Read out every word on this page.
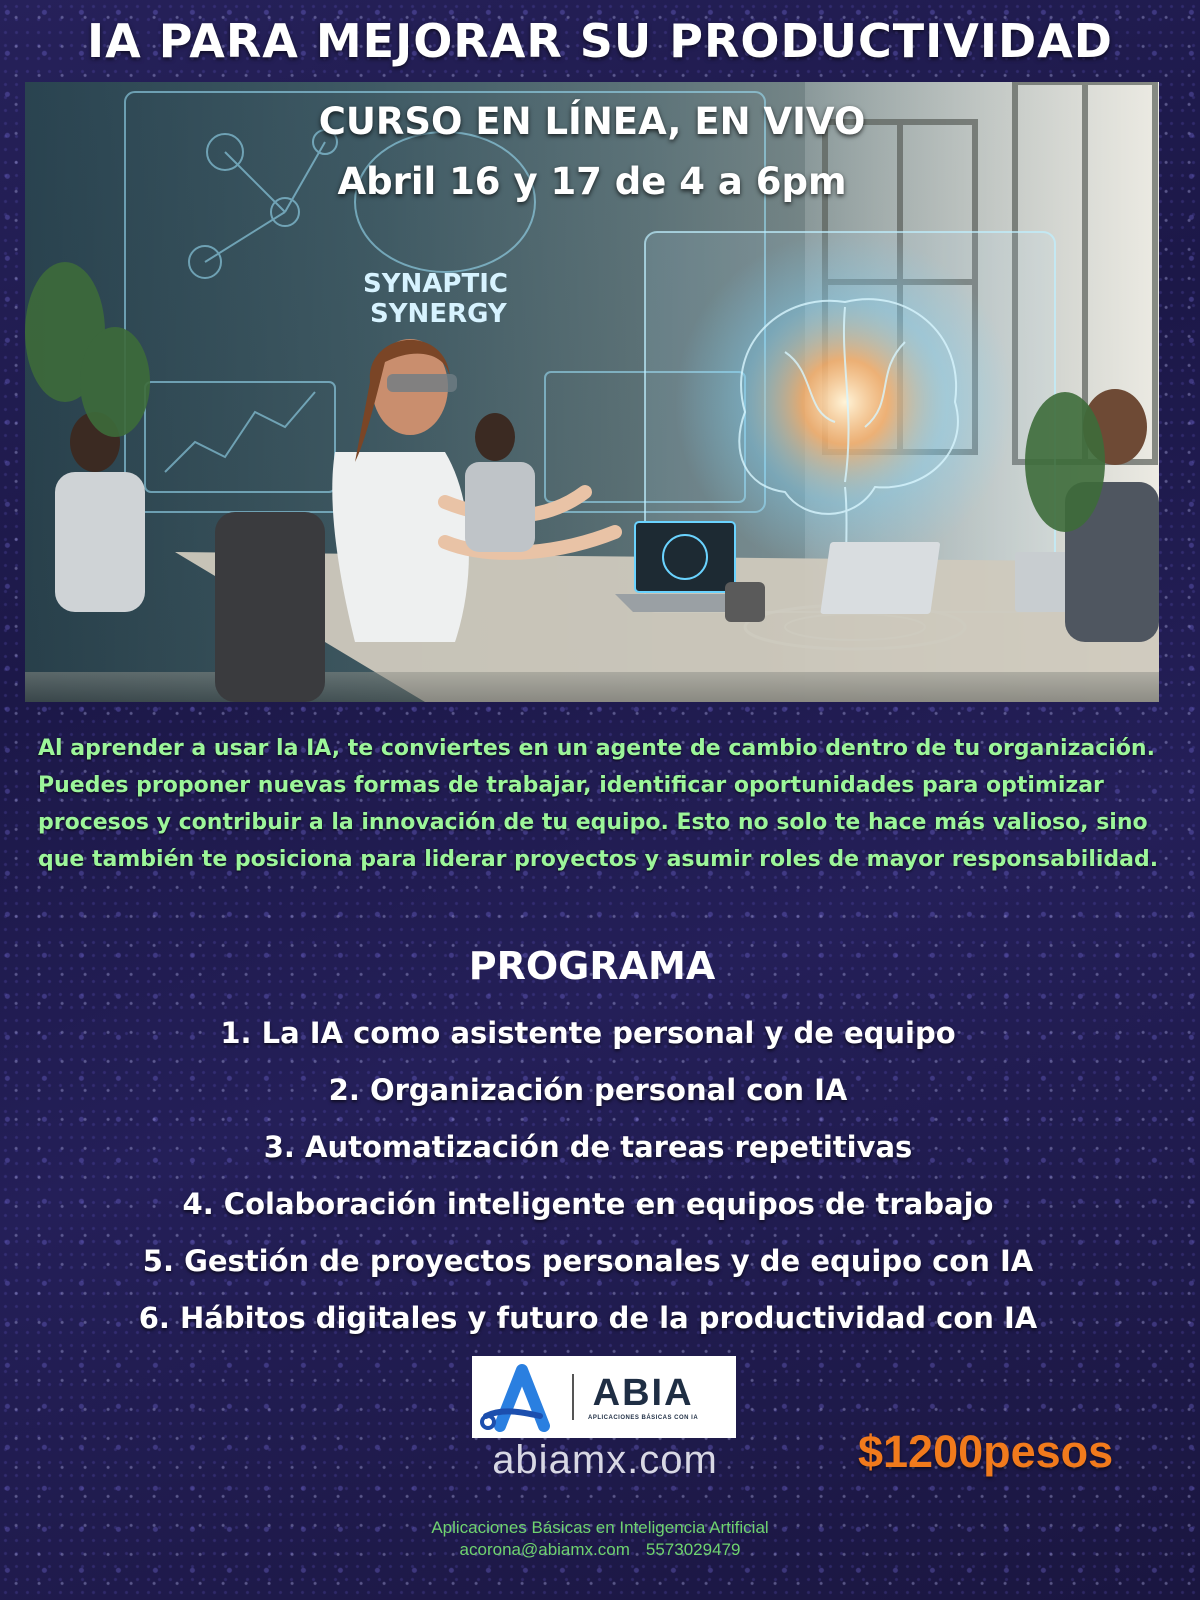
IA PARA MEJORAR SU PRODUCTIVIDAD
SYNAPTIC
SYNERGY
CURSO EN LÍNEA, EN VIVO
Abril 16 y 17 de 4 a 6pm
Al aprender a usar la IA, te conviertes en un agente de cambio dentro de tu organización. Puedes proponer nuevas formas de trabajar, identificar oportunidades para optimizar procesos y contribuir a la innovación de tu equipo. Esto no solo te hace más valioso, sino que también te posiciona para liderar proyectos y asumir roles de mayor responsabilidad.
PROGRAMA
1. La IA como asistente personal y de equipo
2. Organización personal con IA
3. Automatización de tareas repetitivas
4. Colaboración inteligente en equipos de trabajo
5. Gestión de proyectos personales y de equipo con IA
6. Hábitos digitales y futuro de la productividad con IA
ABIA
APLICACIONES BÁSICAS CON IA
abiamx.com	$1200pesos
Aplicaciones Básicas en Inteligencia Artificial
acorona@abiamx.com 5573029479
